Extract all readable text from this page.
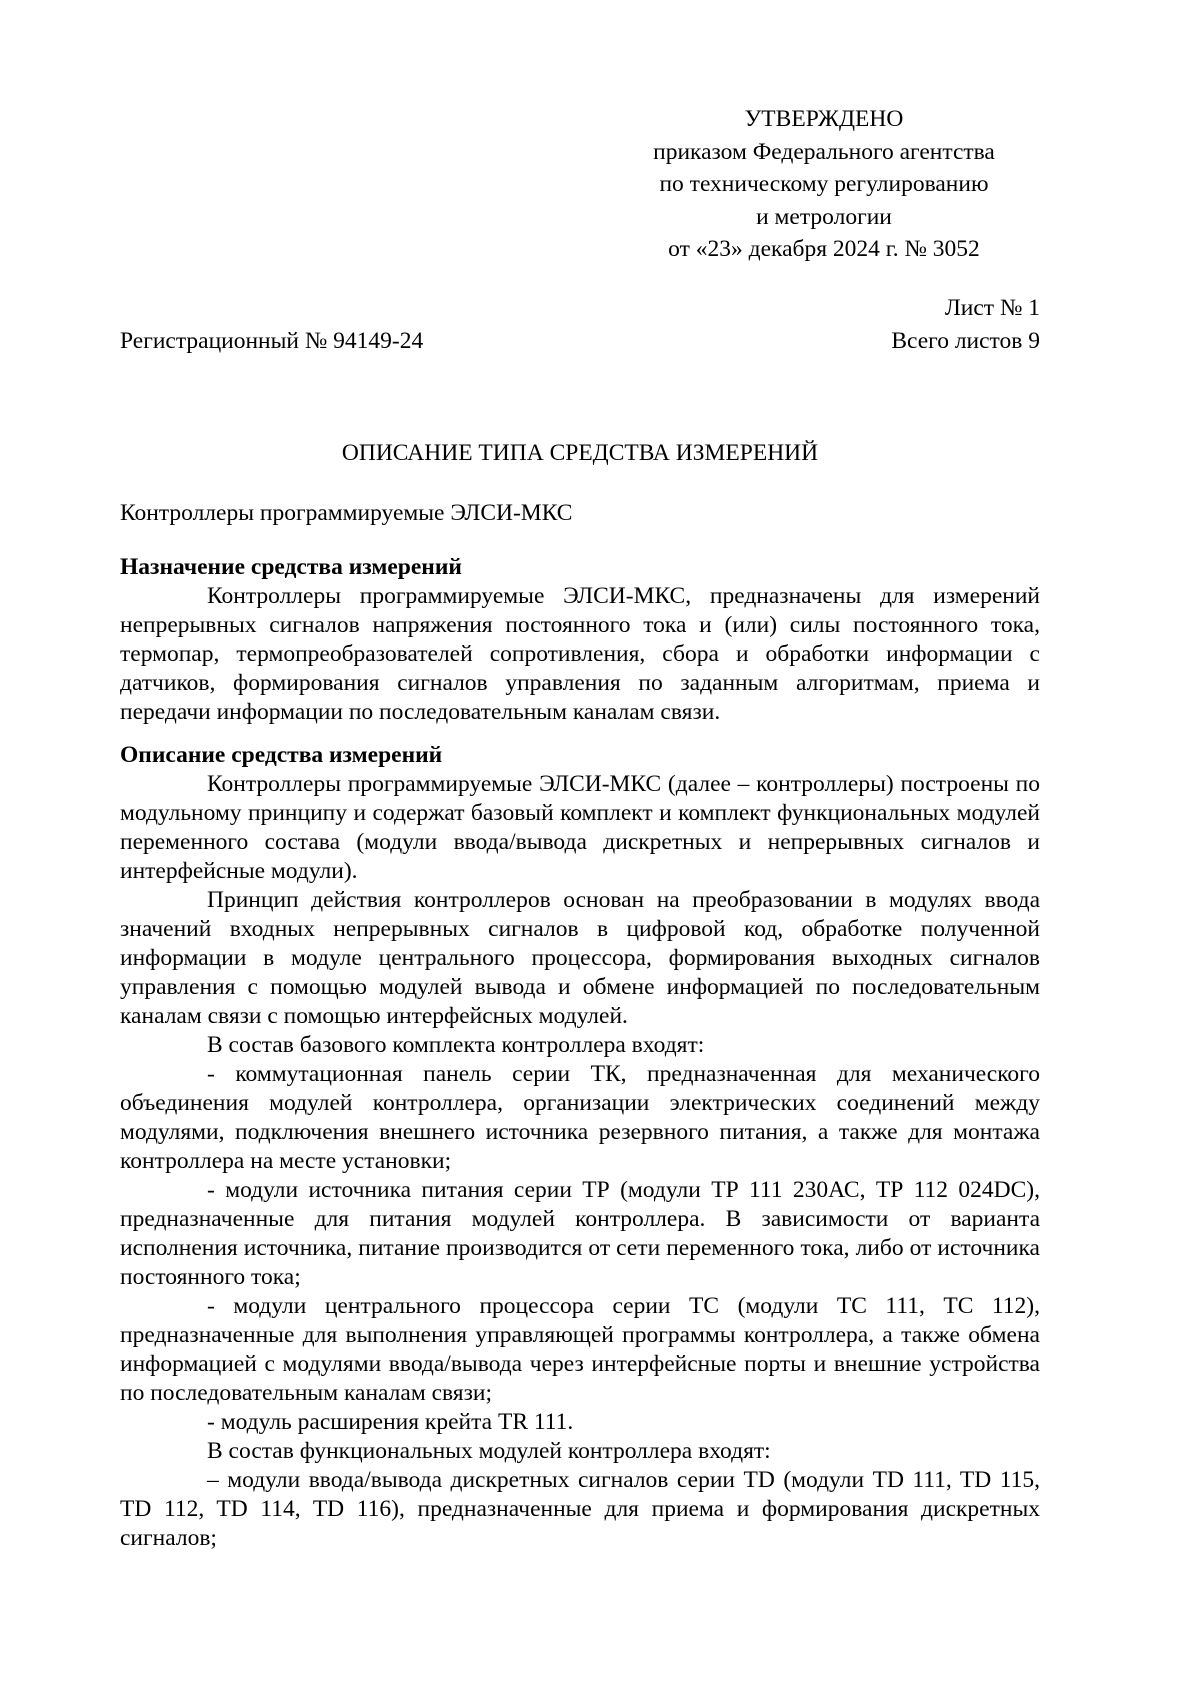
УТВЕРЖДЕНО
приказом Федерального агентства
по техническому регулированию
и метрологии
от «23» декабря 2024 г. № 3052
Лист № 1
Регистрационный № 94149-24	Всего листов 9
ОПИСАНИЕ ТИПА СРЕДСТВА ИЗМЕРЕНИЙ
Контроллеры программируемые ЭЛСИ-МКС
Назначение средства измерений

Контроллеры программируемые ЭЛСИ-МКС, предназначены для измерений непрерывных сигналов напряжения постоянного тока и (или) силы постоянного тока, термопар, термопреобразователей сопротивления, сбора и обработки информации с датчиков, формирования сигналов управления по заданным алгоритмам, приема и передачи информации по последовательным каналам связи.

Описание средства измерений

Контроллеры программируемые ЭЛСИ-МКС (далее – контроллеры) построены по модульному принципу и содержат базовый комплект и комплект функциональных модулей переменного состава (модули ввода/вывода дискретных и непрерывных сигналов и интерфейсные модули).

Принцип действия контроллеров основан на преобразовании в модулях ввода значений входных непрерывных сигналов в цифровой код, обработке полученной информации в модуле центрального процессора, формирования выходных сигналов управления с помощью модулей вывода и обмене информацией по последовательным каналам связи с помощью интерфейсных модулей.

В состав базового комплекта контроллера входят:

- коммутационная панель серии ТК, предназначенная для механического объединения модулей контроллера, организации электрических соединений между модулями, подключения внешнего источника резервного питания, а также для монтажа контроллера на месте установки;

- модули источника питания серии ТР (модули ТР 111 230АС, ТР 112 024DC), предназначенные для питания модулей контроллера. В зависимости от варианта исполнения источника, питание производится от сети переменного тока, либо от источника постоянного тока;

- модули центрального процессора серии ТС (модули ТС 111, ТС 112), предназначенные для выполнения управляющей программы контроллера, а также обмена информацией с модулями ввода/вывода через интерфейсные порты и внешние устройства по последовательным каналам связи;

- модуль расширения крейта TR 111.

В состав функциональных модулей контроллера входят:

– модули ввода/вывода дискретных сигналов серии TD (модули TD 111, TD 115, TD 112, TD 114, TD 116), предназначенные для приема и формирования дискретных сигналов;
